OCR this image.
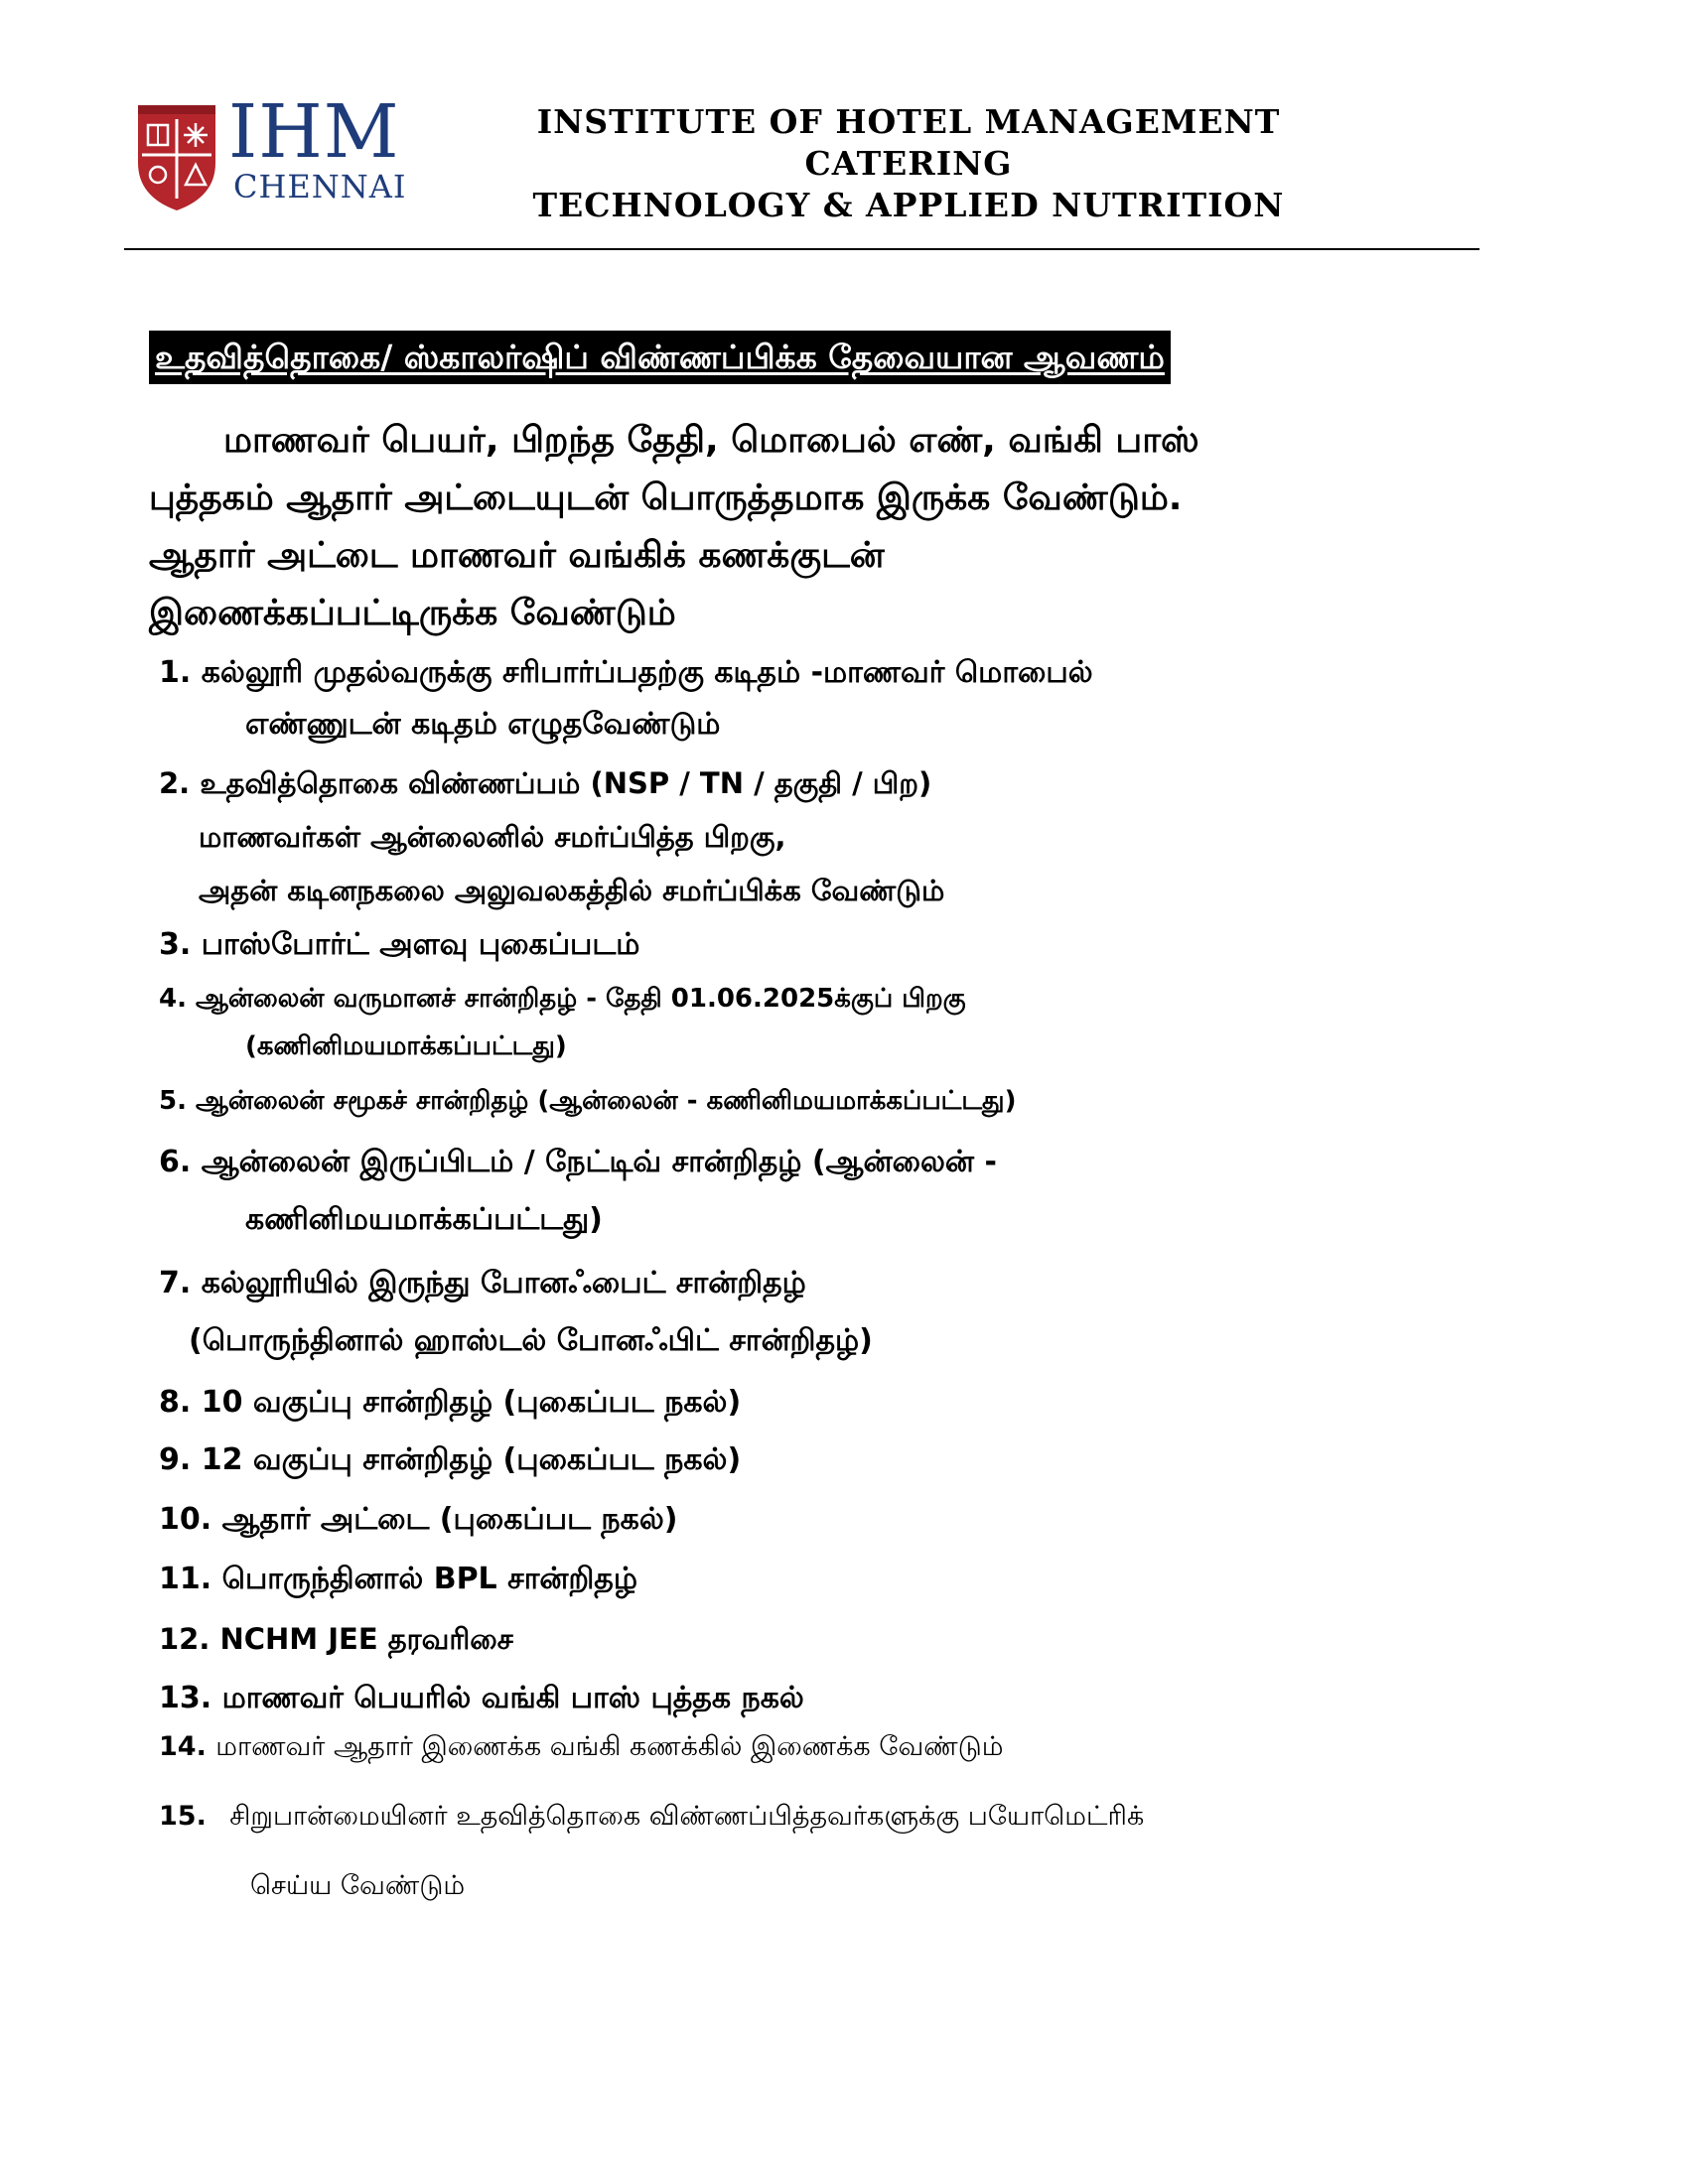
IHM
CHENNAI
INSTITUTE OF HOTEL MANAGEMENT CATERING
TECHNOLOGY & APPLIED NUTRITION
உதவித்தொகை/ ஸ்காலர்ஷிப் விண்ணப்பிக்க தேவையான ஆவணம்

மாணவர் பெயர், பிறந்த தேதி, மொபைல் எண், வங்கி பாஸ்

புத்தகம் ஆதார் அட்டையுடன் பொருத்தமாக இருக்க வேண்டும்.

ஆதார் அட்டை மாணவர் வங்கிக் கணக்குடன்

இணைக்கப்பட்டிருக்க வேண்டும்

1. கல்லூரி முதல்வருக்கு சரிபார்ப்பதற்கு கடிதம் -மாணவர் மொபைல்
எண்ணுடன் கடிதம் எழுதவேண்டும்
2. உதவித்தொகை விண்ணப்பம் (NSP / TN / தகுதி / பிற)
மாணவர்கள் ஆன்லைனில் சமர்ப்பித்த பிறகு,
அதன் கடினநகலை அலுவலகத்தில் சமர்ப்பிக்க வேண்டும்
3. பாஸ்போர்ட் அளவு புகைப்படம்
4. ஆன்லைன் வருமானச் சான்றிதழ் - தேதி 01.06.2025க்குப் பிறகு
(கணினிமயமாக்கப்பட்டது)
5. ஆன்லைன் சமூகச் சான்றிதழ் (ஆன்லைன் - கணினிமயமாக்கப்பட்டது)
6. ஆன்லைன் இருப்பிடம் / நேட்டிவ் சான்றிதழ் (ஆன்லைன் -
கணினிமயமாக்கப்பட்டது)
7. கல்லூரியில் இருந்து போனஃபைட் சான்றிதழ்
(பொருந்தினால் ஹாஸ்டல் போனஃபிட் சான்றிதழ்)
8. 10 வகுப்பு சான்றிதழ் (புகைப்பட நகல்)
9. 12 வகுப்பு சான்றிதழ் (புகைப்பட நகல்)
10. ஆதார் அட்டை (புகைப்பட நகல்)
11. பொருந்தினால் BPL சான்றிதழ்
12. NCHM JEE தரவரிசை
13. மாணவர் பெயரில் வங்கி பாஸ் புத்தக நகல்
14. மாணவர் ஆதார் இணைக்க வங்கி கணக்கில் இணைக்க வேண்டும்
15. சிறுபான்மையினர் உதவித்தொகை விண்ணப்பித்தவர்களுக்கு பயோமெட்ரிக்
செய்ய வேண்டும்
